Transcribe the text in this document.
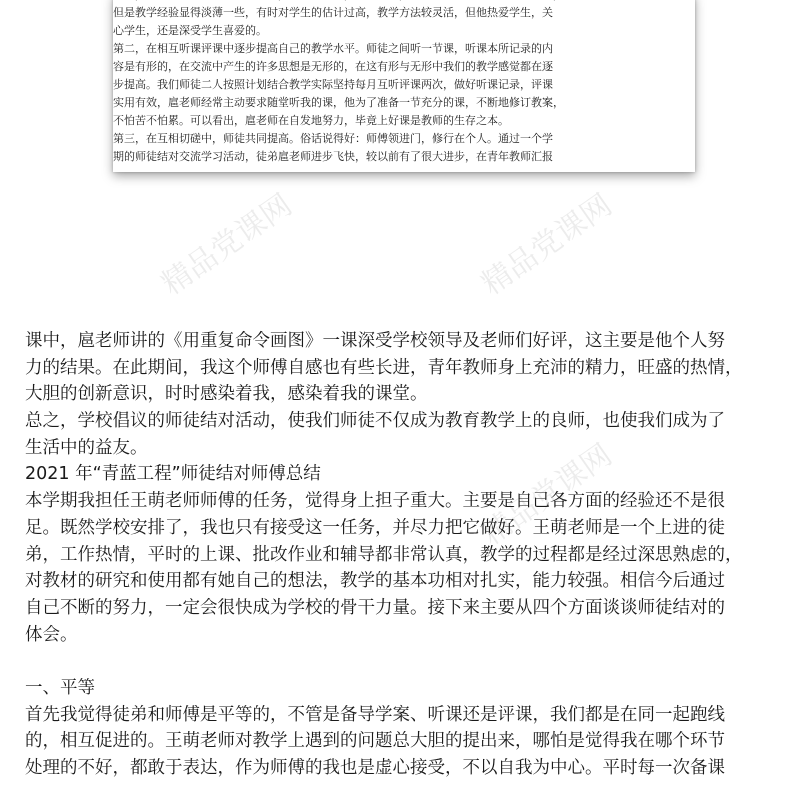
但是教学经验显得淡薄一些，有时对学生的估计过高，教学方法较灵活，但他热爱学生，关
心学生，还是深受学生喜爱的。
第二，在相互听课评课中逐步提高自己的教学水平。师徒之间听一节课，听课本所记录的内
容是有形的，在交流中产生的许多思想是无形的，在这有形与无形中我们的教学感觉都在逐
步提高。我们师徒二人按照计划结合教学实际坚持每月互听评课两次，做好听课记录，评课
实用有效，扈老师经常主动要求随堂听我的课，他为了准备一节充分的课，不断地修订教案，
不怕苦不怕累。可以看出，扈老师在自发地努力，毕竟上好课是教师的生存之本。
第三，在互相切磋中，师徒共同提高。俗话说得好：师傅领进门，修行在个人。通过一个学
期的师徒结对交流学习活动，徒弟扈老师进步飞快，较以前有了很大进步，在青年教师汇报
精品党课网	精品党课网
精品党课网
课中，扈老师讲的《用重复命令画图》一课深受学校领导及老师们好评，这主要是他个人努
力的结果。在此期间，我这个师傅自感也有些长进，青年教师身上充沛的精力，旺盛的热情，
大胆的创新意识，时时感染着我，感染着我的课堂。
总之，学校倡议的师徒结对活动，使我们师徒不仅成为教育教学上的良师，也使我们成为了
生活中的益友。
2021 年“青蓝工程”师徒结对师傅总结
本学期我担任王萌老师师傅的任务，觉得身上担子重大。主要是自己各方面的经验还不是很
足。既然学校安排了，我也只有接受这一任务，并尽力把它做好。王萌老师是一个上进的徒
弟，工作热情，平时的上课、批改作业和辅导都非常认真，教学的过程都是经过深思熟虑的，
对教材的研究和使用都有她自己的想法，教学的基本功相对扎实，能力较强。相信今后通过
自己不断的努力，一定会很快成为学校的骨干力量。接下来主要从四个方面谈谈师徒结对的
体会。
一、平等
首先我觉得徒弟和师傅是平等的，不管是备导学案、听课还是评课，我们都是在同一起跑线
的，相互促进的。王萌老师对教学上遇到的问题总大胆的提出来，哪怕是觉得我在哪个环节
处理的不好，都敢于表达，作为师傅的我也是虚心接受，不以自我为中心。平时每一次备课
